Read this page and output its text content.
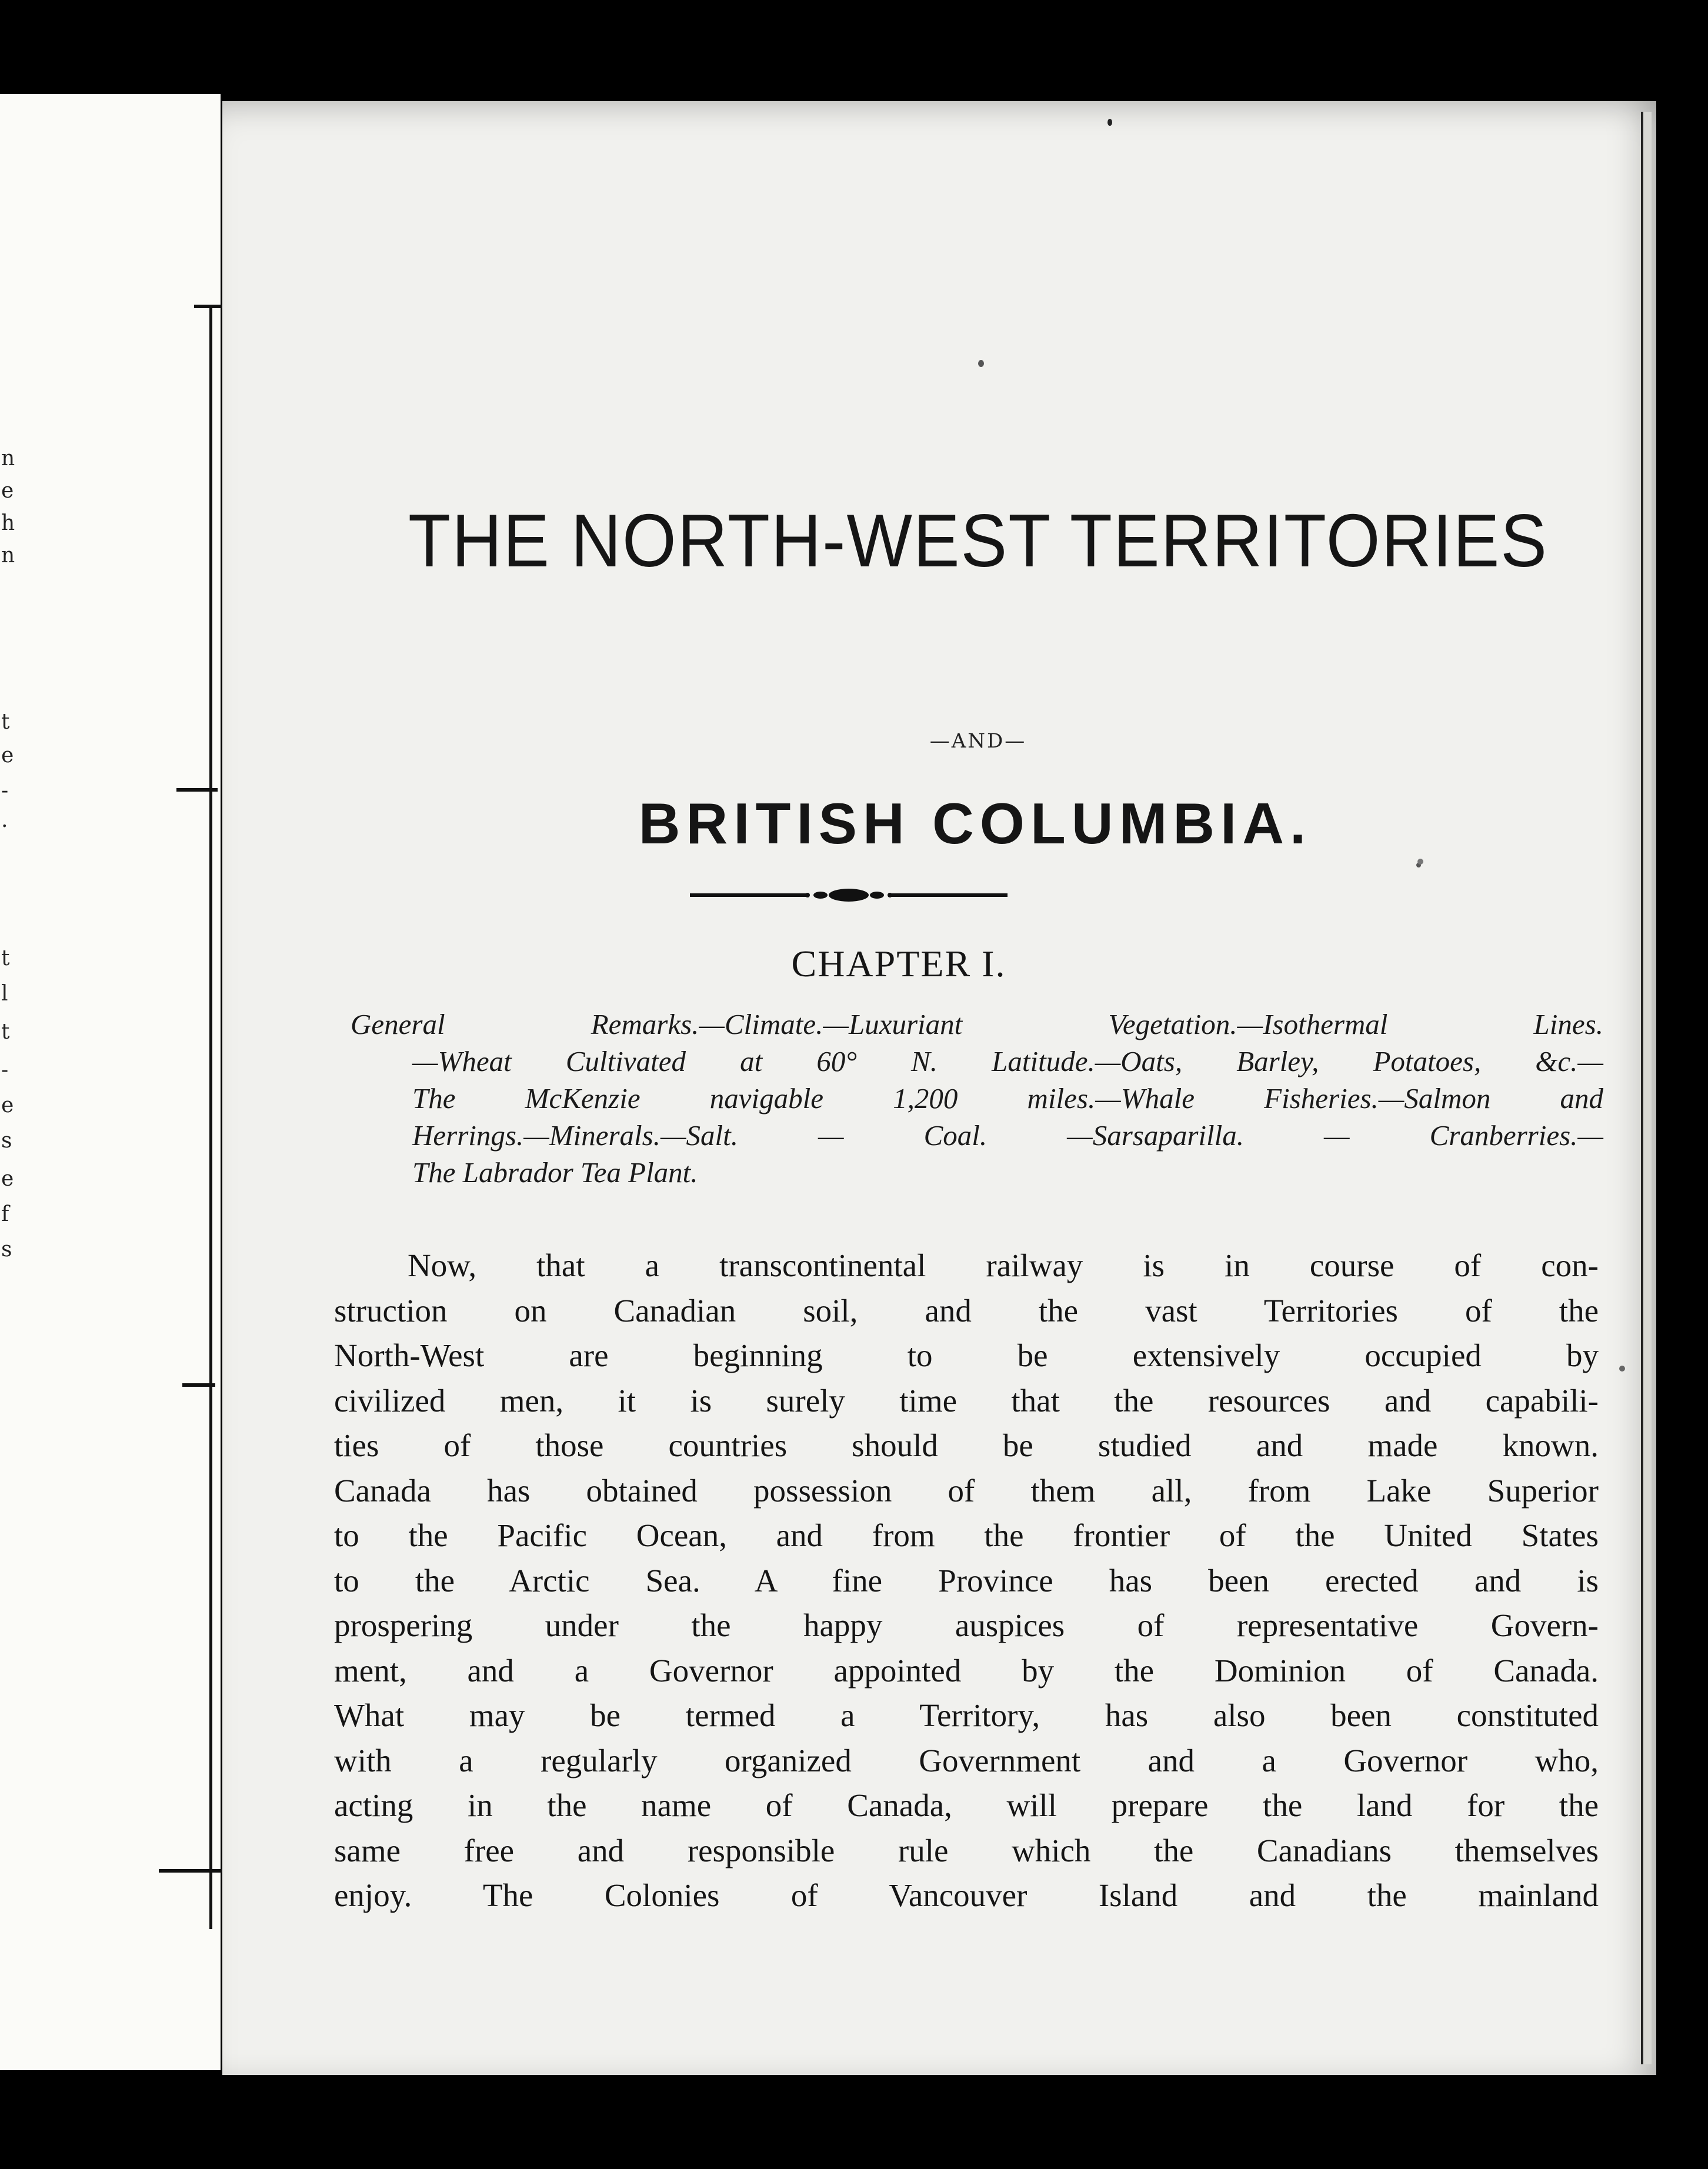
n
e
h
n
t
e
-
.
t
l
t
-
e
s
e
f
s
THE NORTH-WEST TERRITORIES
—AND—
BRITISH COLUMBIA.
CHAPTER I.
General Remarks.—Climate.—Luxuriant Vegetation.—Isothermal Lines.
—Wheat Cultivated at 60° N. Latitude.—Oats, Barley, Potatoes, &c.—
The McKenzie navigable 1,200 miles.—Whale Fisheries.—Salmon and
Herrings.—Minerals.—Salt. — Coal. —Sarsaparilla. — Cranberries.—
The Labrador Tea Plant.
Now, that a transcontinental railway is in course of con-
struction on Canadian soil, and the vast Territories of the
North-West are beginning to be extensively occupied by
civilized men, it is surely time that the resources and capabili-
ties of those countries should be studied and made known.
Canada has obtained possession of them all, from Lake Superior
to the Pacific Ocean, and from the frontier of the United States
to the Arctic Sea. A fine Province has been erected and is
prospering under the happy auspices of representative Govern-
ment, and a Governor appointed by the Dominion of Canada.
What may be termed a Territory, has also been constituted
with a regularly organized Government and a Governor who,
acting in the name of Canada, will prepare the land for the
same free and responsible rule which the Canadians themselves
enjoy. The Colonies of Vancouver Island and the mainland
